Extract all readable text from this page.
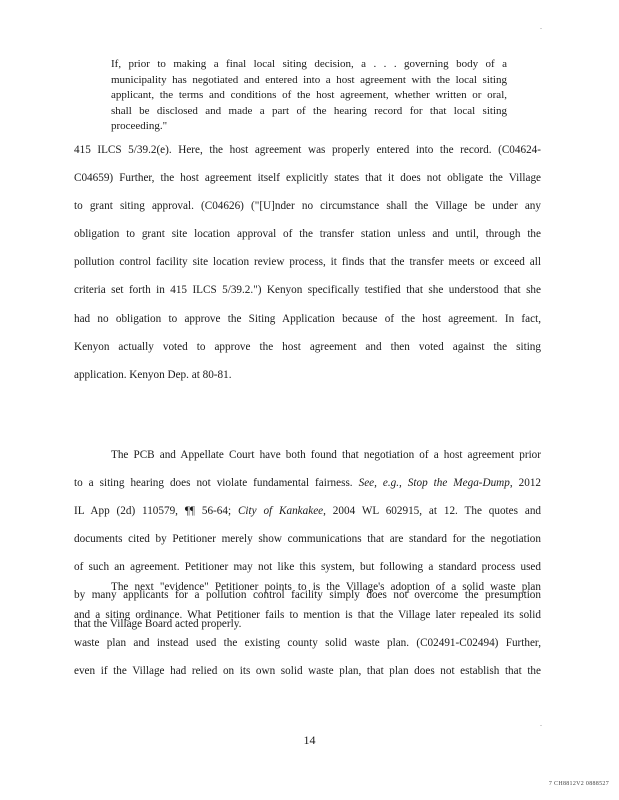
-
-
If, prior to making a final local siting decision, a . . . governing body of a
municipality has negotiated and entered into a host agreement with the local siting
applicant, the terms and conditions of the host agreement, whether written or oral,
shall be disclosed and made a part of the hearing record for that local siting
proceeding."
415 ILCS 5/39.2(e). Here, the host agreement was properly entered into the record. (C04624-
C04659) Further, the host agreement itself explicitly states that it does not obligate the Village
to grant siting approval. (C04626) ("[U]nder no circumstance shall the Village be under any
obligation to grant site location approval of the transfer station unless and until, through the
pollution control facility site location review process, it finds that the transfer meets or exceed all
criteria set forth in 415 ILCS 5/39.2.") Kenyon specifically testified that she understood that she
had no obligation to approve the Siting Application because of the host agreement. In fact,
Kenyon actually voted to approve the host agreement and then voted against the siting
application. Kenyon Dep. at 80-81.
The PCB and Appellate Court have both found that negotiation of a host agreement prior
to a siting hearing does not violate fundamental fairness. See, e.g., Stop the Mega-Dump, 2012
IL App (2d) 110579, ¶¶ 56-64; City of Kankakee, 2004 WL 602915, at 12. The quotes and
documents cited by Petitioner merely show communications that are standard for the negotiation
of such an agreement. Petitioner may not like this system, but following a standard process used
by many applicants for a pollution control facility simply does not overcome the presumption
that the Village Board acted properly.
The next "evidence" Petitioner points to is the Village's adoption of a solid waste plan
and a siting ordinance. What Petitioner fails to mention is that the Village later repealed its solid
waste plan and instead used the existing county solid waste plan. (C02491-C02494) Further,
even if the Village had relied on its own solid waste plan, that plan does not establish that the
14
7 CH8812V2 0888527
